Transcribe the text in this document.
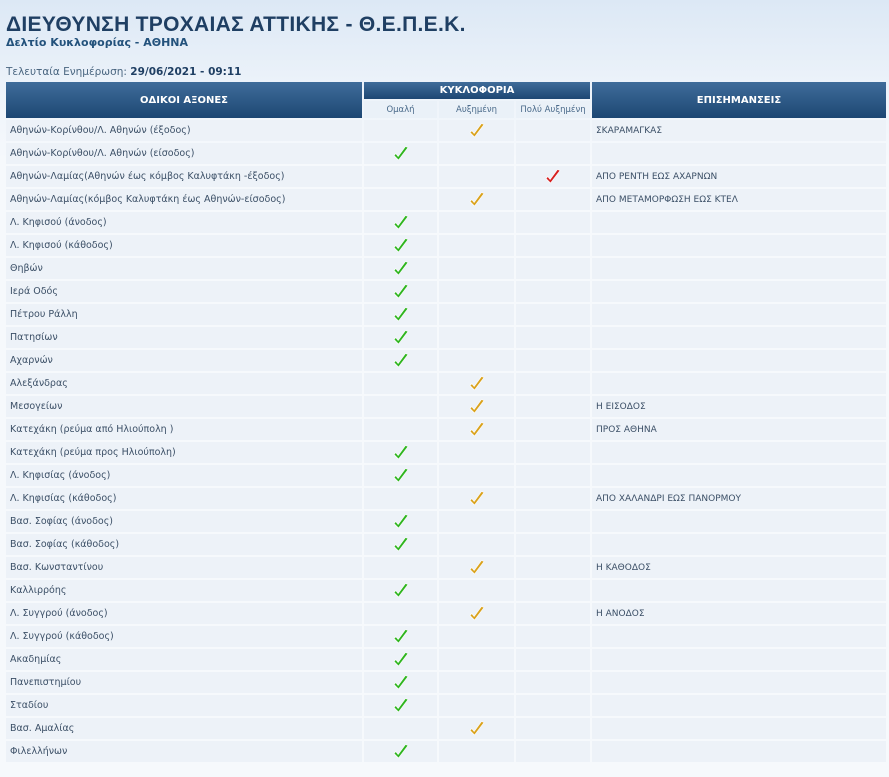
ΔΙΕΥΘΥΝΣΗ ΤΡΟΧΑΙΑΣ ΑΤΤΙΚΗΣ - Θ.Ε.Π.Ε.Κ.
Δελτίο Κυκλοφορίας - ΑΘΗΝΑ
Τελευταία Ενημέρωση: 29/06/2021 - 09:11
ΟΔΙΚΟΙ ΑΞΟΝΕΣ	ΚΥΚΛΟΦΟΡΙΑ			ΕΠΙΣΗΜΑΝΣΕΙΣ
	Ομαλή	Αυξημένη	Πολύ Αυξημένη	
Αθηνών-Κορίνθου/Λ. Αθηνών (έξοδος)				ΣΚΑΡΑΜΑΓΚΑΣ
Αθηνών-Κορίνθου/Λ. Αθηνών (είσοδος)	

Αθηνών-Λαμίας(Αθηνών έως κόμβος Καλυφτάκη -έξοδος)				ΑΠΟ ΡΕΝΤΗ ΕΩΣ ΑΧΑΡΝΩΝ
Αθηνών-Λαμίας(κόμβος Καλυφτάκη έως Αθηνών-είσοδος)				ΑΠΟ ΜΕΤΑΜΟΡΦΩΣΗ ΕΩΣ ΚΤΕΛ
Λ. Κηφισού (άνοδος)	

Λ. Κηφισού (κάθοδος)	

Θηβών	

Ιερά Οδός	

Πέτρου Ράλλη	

Πατησίων	

Αχαρνών	

Αλεξάνδρας		

Μεσογείων				Η ΕΙΣΟΔΟΣ
Κατεχάκη (ρεύμα από Ηλιούπολη )				ΠΡΟΣ ΑΘΗΝΑ
Κατεχάκη (ρεύμα προς Ηλιούπολη)	

Λ. Κηφισίας (άνοδος)	

Λ. Κηφισίας (κάθοδος)				ΑΠΟ ΧΑΛΑΝΔΡΙ ΕΩΣ ΠΑΝΟΡΜΟΥ
Βασ. Σοφίας (άνοδος)	

Βασ. Σοφίας (κάθοδος)	

Βασ. Κωνσταντίνου				Η ΚΑΘΟΔΟΣ
Καλλιρρόης	

Λ. Συγγρού (άνοδος)				Η ΑΝΟΔΟΣ
Λ. Συγγρού (κάθοδος)	

Ακαδημίας	

Πανεπιστημίου	

Σταδίου	

Βασ. Αμαλίας		

Φιλελλήνων	
